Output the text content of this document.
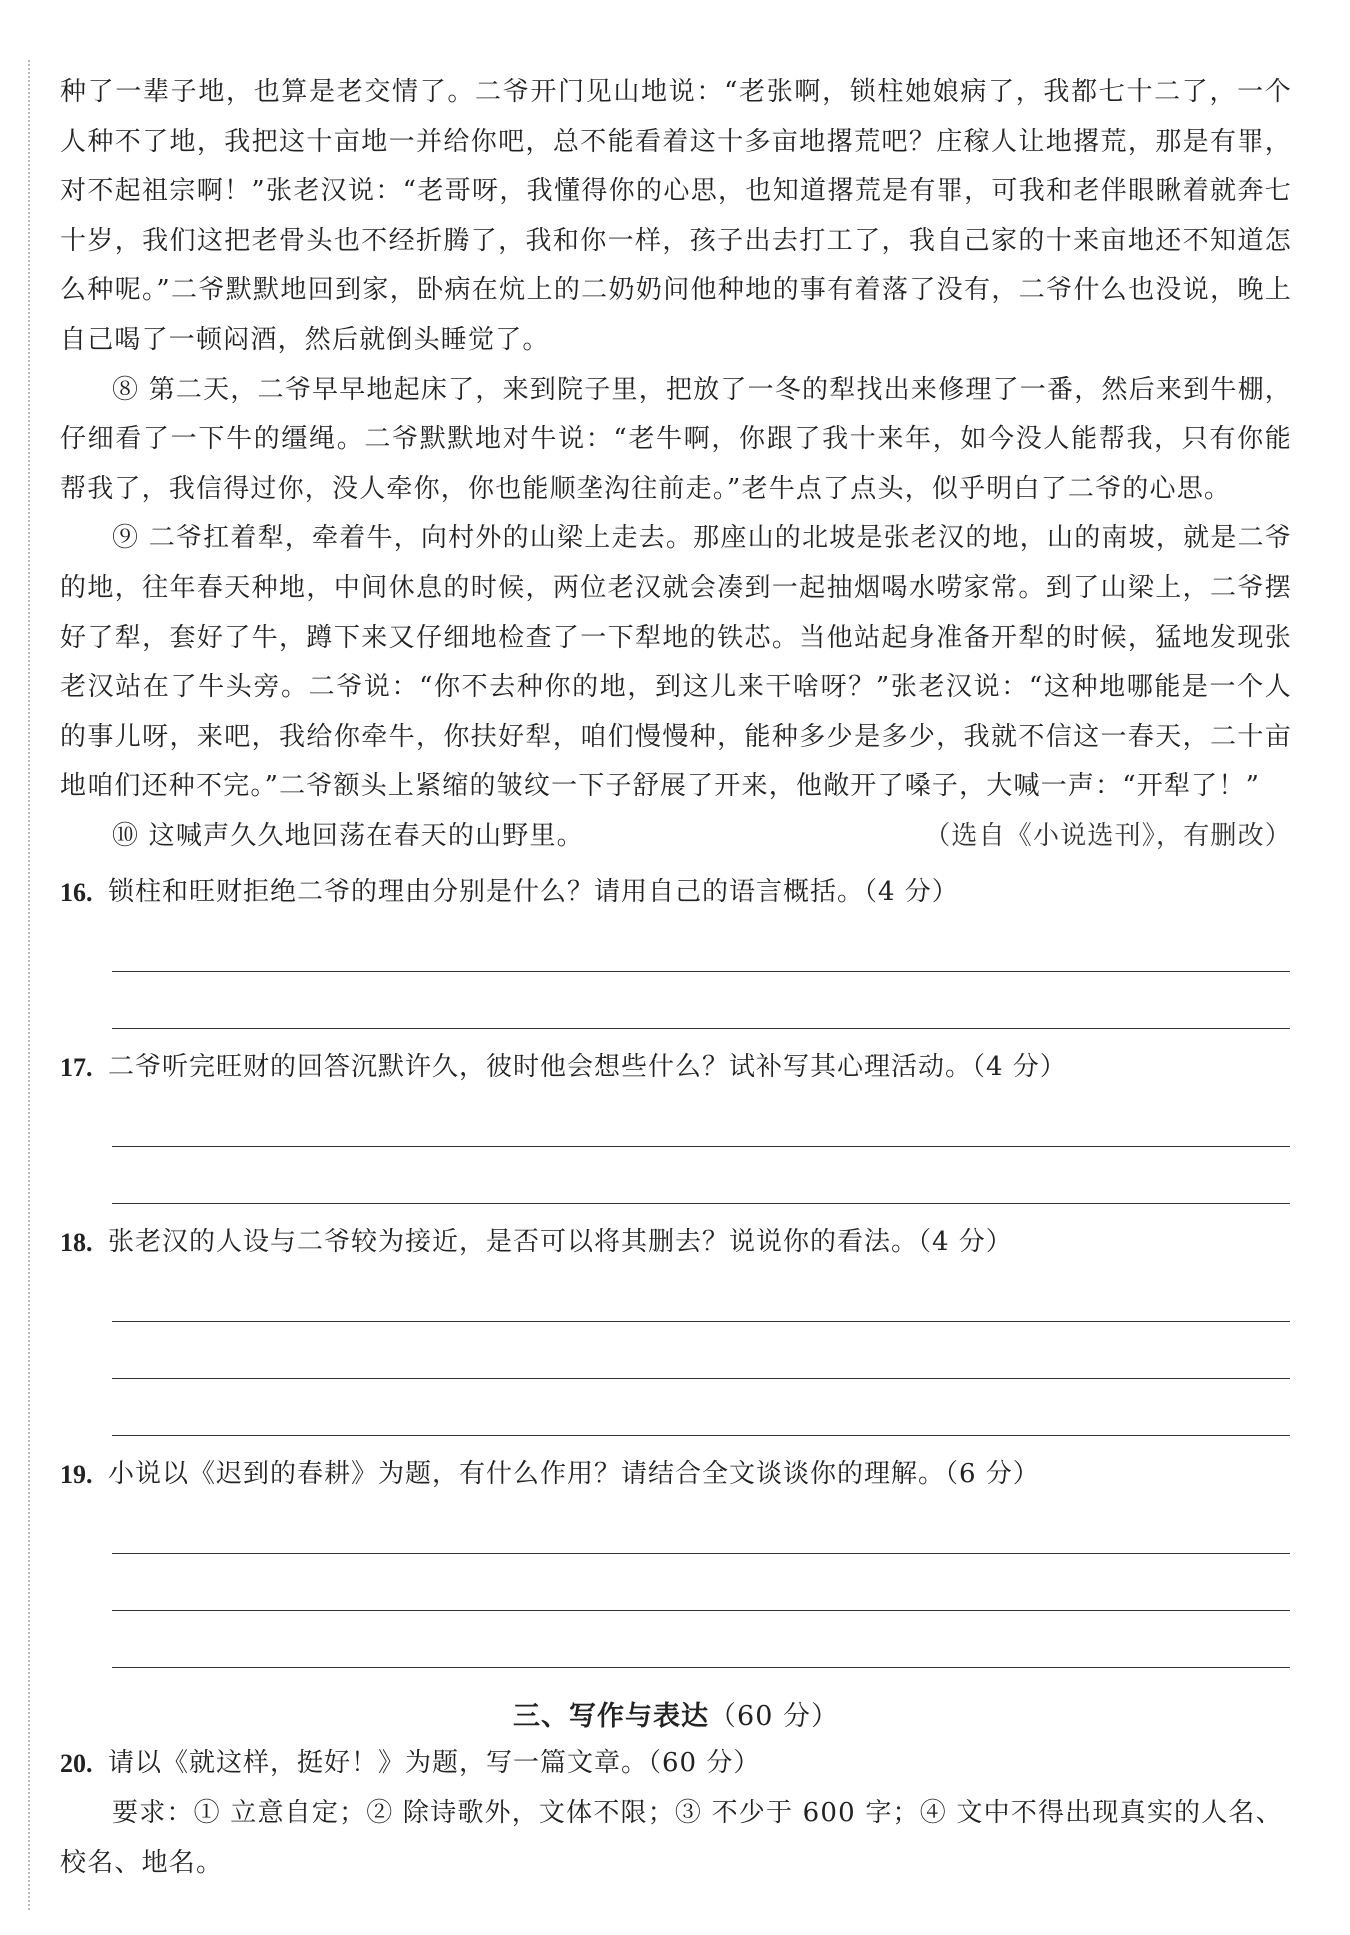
种了一辈子地，也算是老交情了。二爷开门见山地说：“老张啊，锁柱她娘病了，我都七十二了，一个人种不了地，我把这十亩地一并给你吧，总不能看着这十多亩地撂荒吧？庄稼人让地撂荒，那是有罪，对不起祖宗啊！”张老汉说：“老哥呀，我懂得你的心思，也知道撂荒是有罪，可我和老伴眼瞅着就奔七十岁，我们这把老骨头也不经折腾了，我和你一样，孩子出去打工了，我自己家的十来亩地还不知道怎么种呢。”二爷默默地回到家，卧病在炕上的二奶奶问他种地的事有着落了没有，二爷什么也没说，晚上自己喝了一顿闷酒，然后就倒头睡觉了。

⑧ 第二天，二爷早早地起床了，来到院子里，把放了一冬的犁找出来修理了一番，然后来到牛棚，仔细看了一下牛的缰绳。二爷默默地对牛说：“老牛啊，你跟了我十来年，如今没人能帮我，只有你能帮我了，我信得过你，没人牵你，你也能顺垄沟往前走。”老牛点了点头，似乎明白了二爷的心思。

⑨ 二爷扛着犁，牵着牛，向村外的山梁上走去。那座山的北坡是张老汉的地，山的南坡，就是二爷的地，往年春天种地，中间休息的时候，两位老汉就会凑到一起抽烟喝水唠家常。到了山梁上，二爷摆好了犁，套好了牛，蹲下来又仔细地检查了一下犁地的铁芯。当他站起身准备开犁的时候，猛地发现张老汉站在了牛头旁。二爷说：“你不去种你的地，到这儿来干啥呀？”张老汉说：“这种地哪能是一个人的事儿呀，来吧，我给你牵牛，你扶好犁，咱们慢慢种，能种多少是多少，我就不信这一春天，二十亩地咱们还种不完。”二爷额头上紧缩的皱纹一下子舒展了开来，他敞开了嗓子，大喊一声：“开犁了！”

⑩ 这喊声久久地回荡在春天的山野里。	（选自《小说选刊》，有删改）
16. 锁柱和旺财拒绝二爷的理由分别是什么？请用自己的语言概括。（4 分）
17. 二爷听完旺财的回答沉默许久，彼时他会想些什么？试补写其心理活动。（4 分）
18. 张老汉的人设与二爷较为接近，是否可以将其删去？说说你的看法。（4 分）
19. 小说以《迟到的春耕》为题，有什么作用？请结合全文谈谈你的理解。（6 分）
三、写作与表达（60 分）
20. 请以《就这样，挺好！》为题，写一篇文章。（60 分）

要求：① 立意自定；② 除诗歌外，文体不限；③ 不少于 600 字；④ 文中不得出现真实的人名、校名、地名。
